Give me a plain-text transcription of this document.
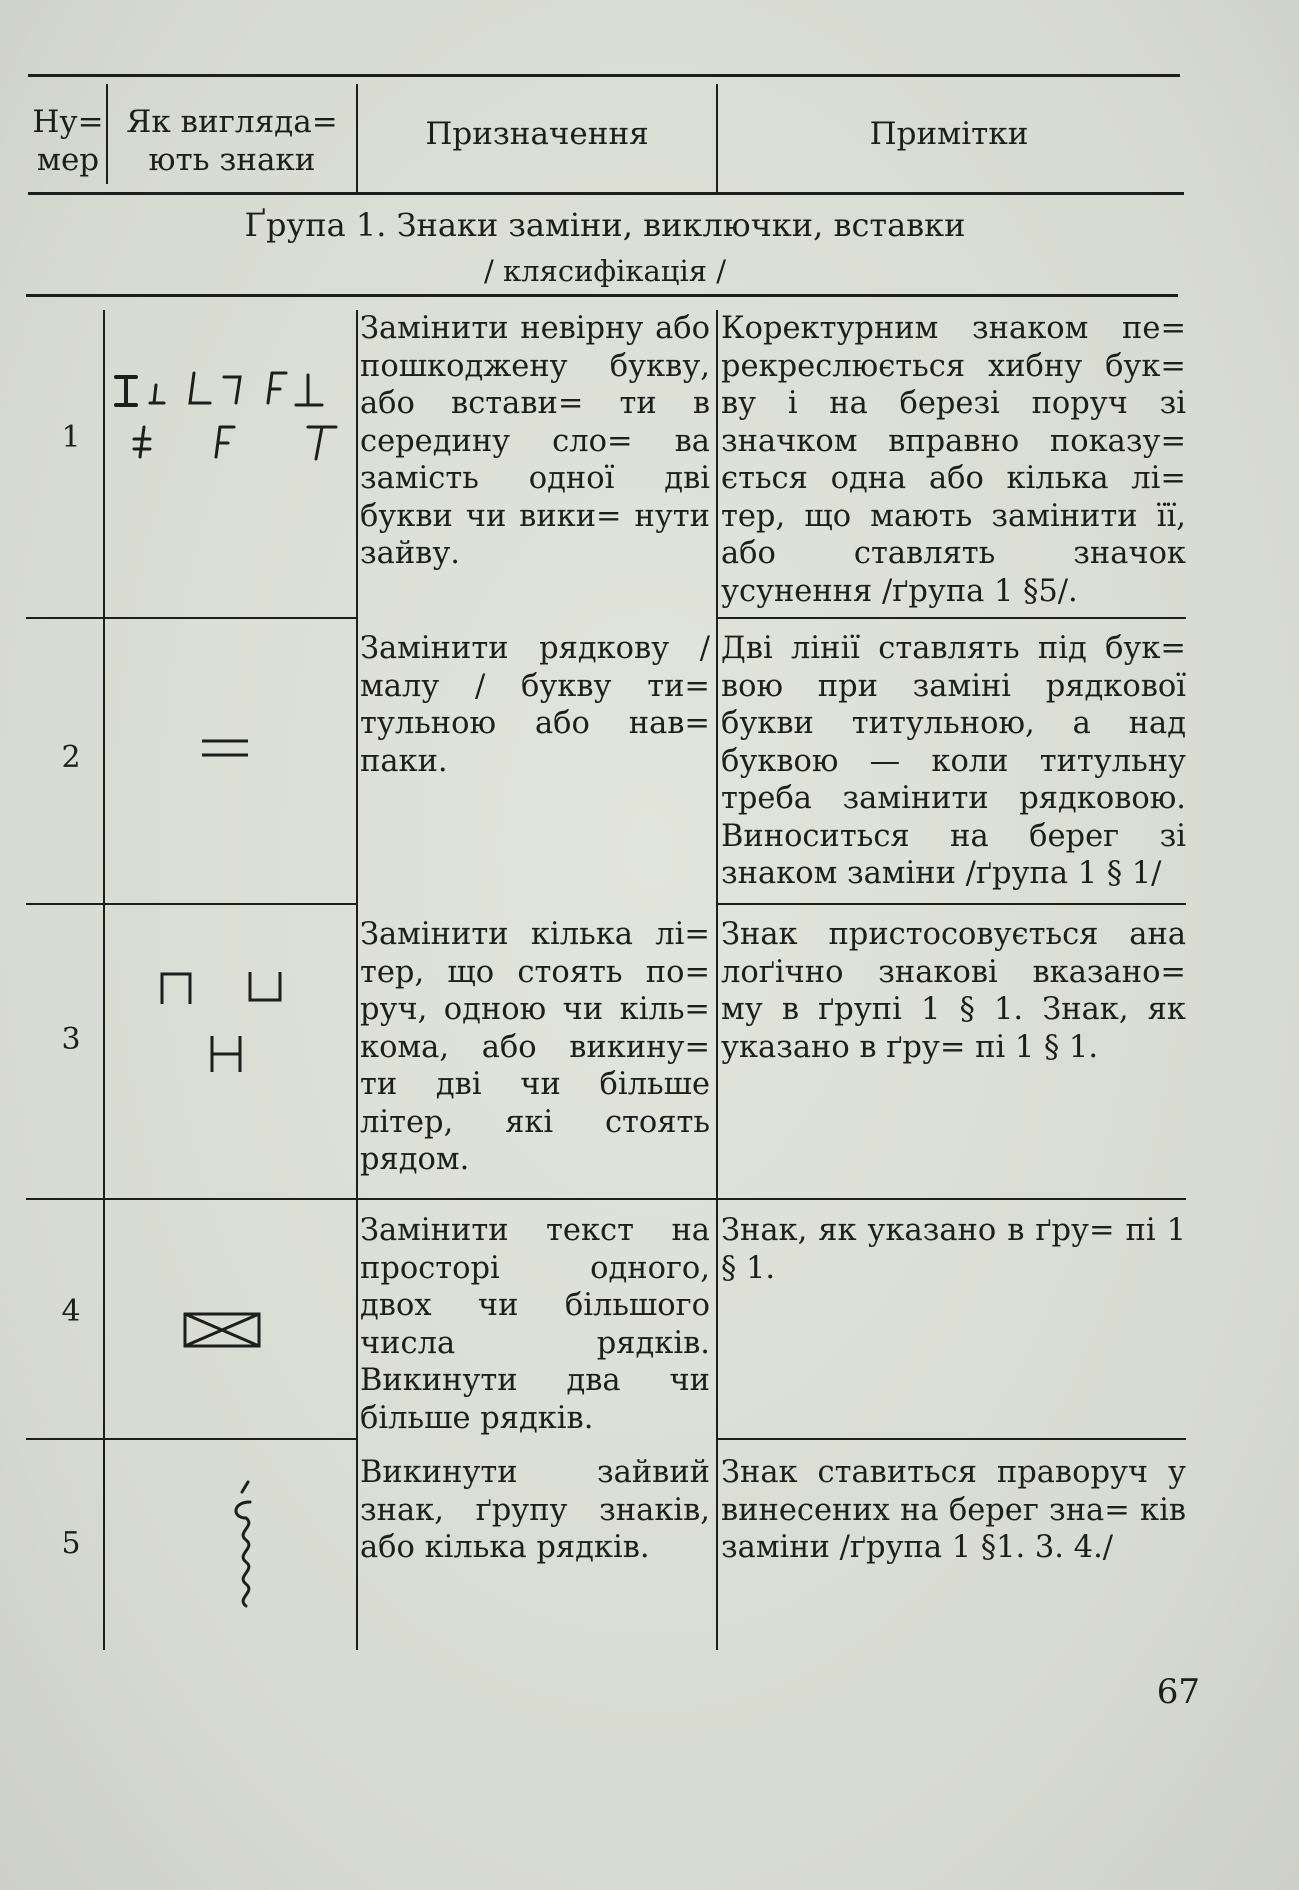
Ну=
мер
Як вигляда=
ють знаки
Призначення	Примітки
Ґрупа 1. Знаки заміни, виключки, вставки
/ клясифікація /
1
Замінити невірну або пошкоджену букву, або встави= ти в середину сло= ва замість одної дві букви чи вики= нути зайву.
Коректурним знаком пе= рекреслюється хибну бук= ву і на березі поруч зі значком вправно показу= ється одна або кілька лі= тер, що мають замінити її, або ставлять значок усунення /ґрупа 1 §5/.
2
Замінити рядкову / малу / букву ти= тульною або нав= паки.
Дві лінії ставлять під бук= вою при заміні рядкової букви титульною, а над буквою — коли титульну треба замінити рядковою. Виноситься на берег зі знаком заміни /ґрупа 1 § 1/
3
Замінити кілька лі= тер, що стоять по= руч, одною чи кіль= кома, або викину= ти дві чи більше літер, які стоять рядом.
Знак пристосовується ана лоґічно знакові вказано= му в ґрупі 1 § 1. Знак, як указано в ґру= пі 1 § 1.
4
Замінити текст на просторі одного, двох чи більшого числа рядків. Викинути два чи більше рядків.
Знак, як указано в ґру= пі 1 § 1.
5
Викинути зайвий знак, ґрупу знаків, або кілька рядків.
Знак ставиться праворуч у винесених на берег зна= ків заміни /ґрупа 1 §1. 3. 4./
67
